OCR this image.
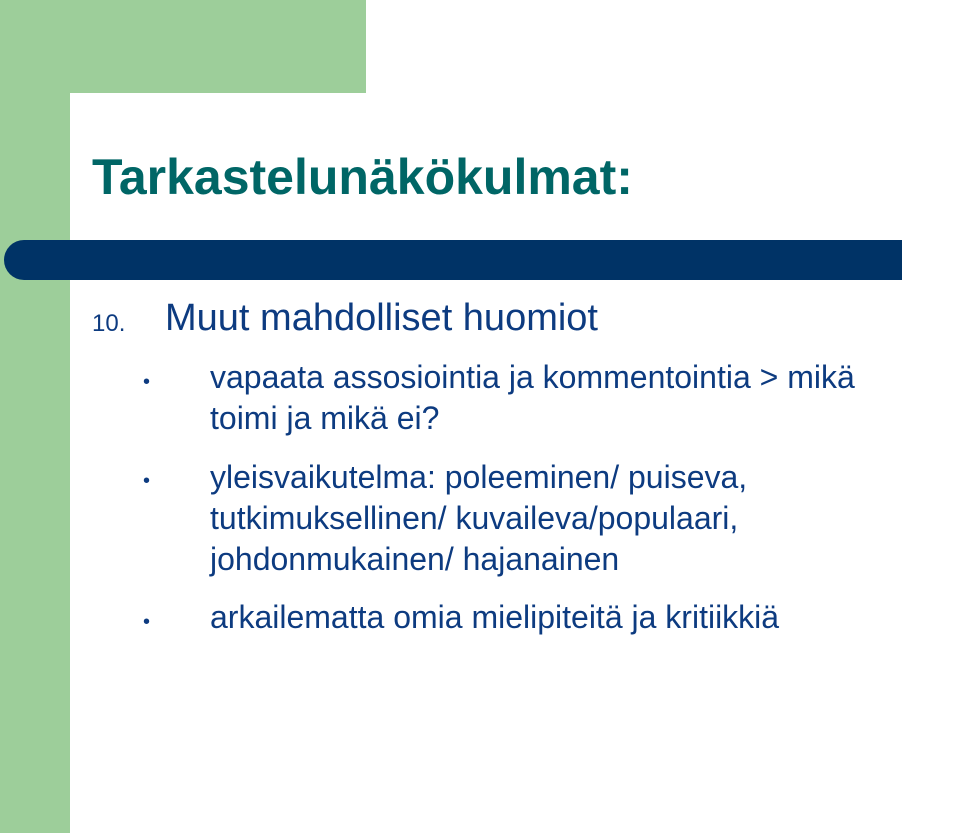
Tarkastelunäkökulmat:
10. Muut mahdolliset huomiot
• vapaata assosiointia ja kommentointia > mikä
toimi ja mikä ei?
• yleisvaikutelma: poleeminen/ puiseva,
tutkimuksellinen/ kuvaileva/populaari,
johdonmukainen/ hajanainen
• arkailematta omia mielipiteitä ja kritiikkiä
